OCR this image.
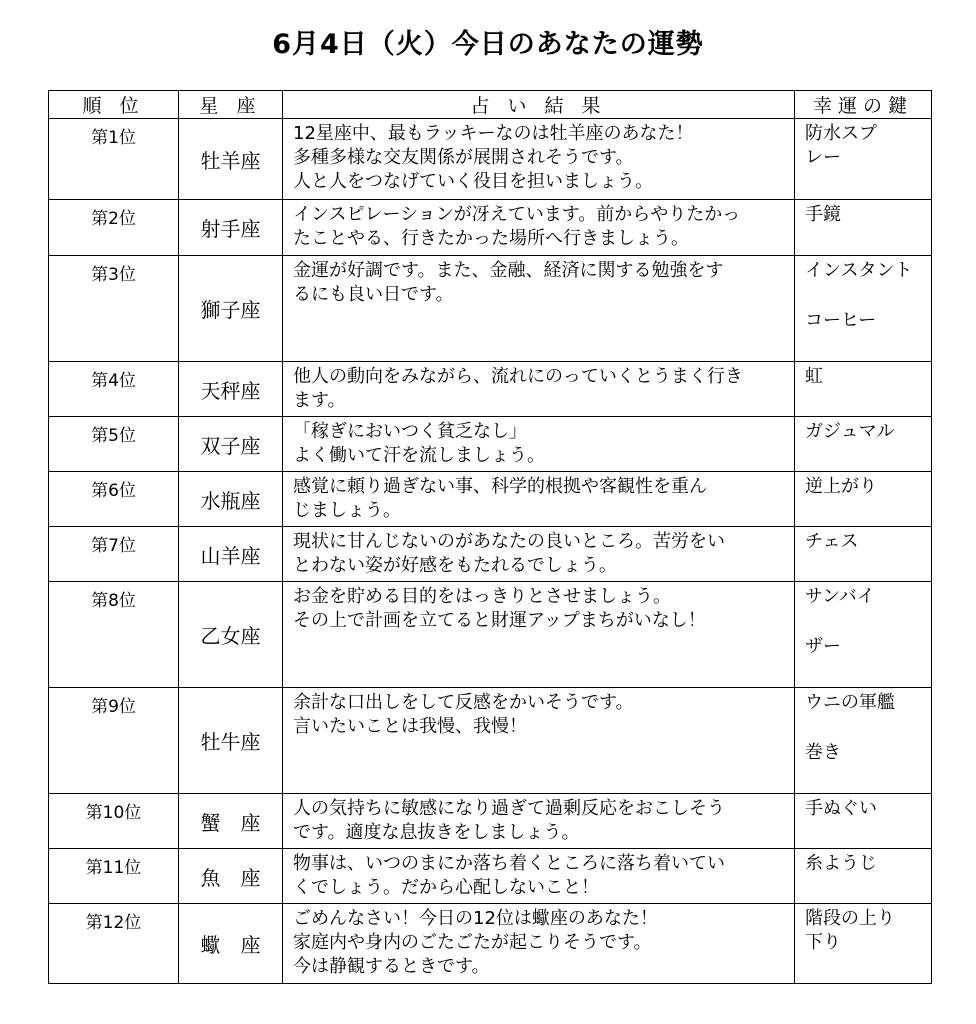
6月4日（火）今日のあなたの運勢
順 位	星 座	占 い 結 果	幸運の鍵
第1位	牡羊座	12星座中、最もラッキーなのは牡羊座のあなた！
多種多様な交友関係が展開されそうです。
人と人をつなげていく役目を担いましょう。	防水スプ
レー

第2位	射手座	インスピレーションが冴えています。前からやりたかっ
たことやる、行きたかった場所へ行きましょう。	手鏡

第3位	獅子座	金運が好調です。また、金融、経済に関する勉強をす
るにも良い日です。	インスタント
コーヒー

第4位	天秤座	他人の動向をみながら、流れにのっていくとうまく行き
ます。	虹

第5位	双子座	「稼ぎにおいつく貧乏なし」
よく働いて汗を流しましょう。	ガジュマル

第6位	水瓶座	感覚に頼り過ぎない事、科学的根拠や客観性を重ん
じましょう。	逆上がり

第7位	山羊座	現状に甘んじないのがあなたの良いところ。苦労をい
とわない姿が好感をもたれるでしょう。	チェス

第8位	乙女座	お金を貯める目的をはっきりとさせましょう。
その上で計画を立てると財運アップまちがいなし！	サンバイ
ザー

第9位	牡牛座	余計な口出しをして反感をかいそうです。
言いたいことは我慢、我慢！	ウニの軍艦
巻き

第10位	蟹　座	人の気持ちに敏感になり過ぎて過剰反応をおこしそう
です。適度な息抜きをしましょう。	手ぬぐい

第11位	魚　座	物事は、いつのまにか落ち着くところに落ち着いてい
くでしょう。だから心配しないこと！	糸ようじ

第12位	蠍　座	ごめんなさい！今日の12位は蠍座のあなた！
家庭内や身内のごたごたが起こりそうです。
今は静観するときです。	階段の上り
下り
